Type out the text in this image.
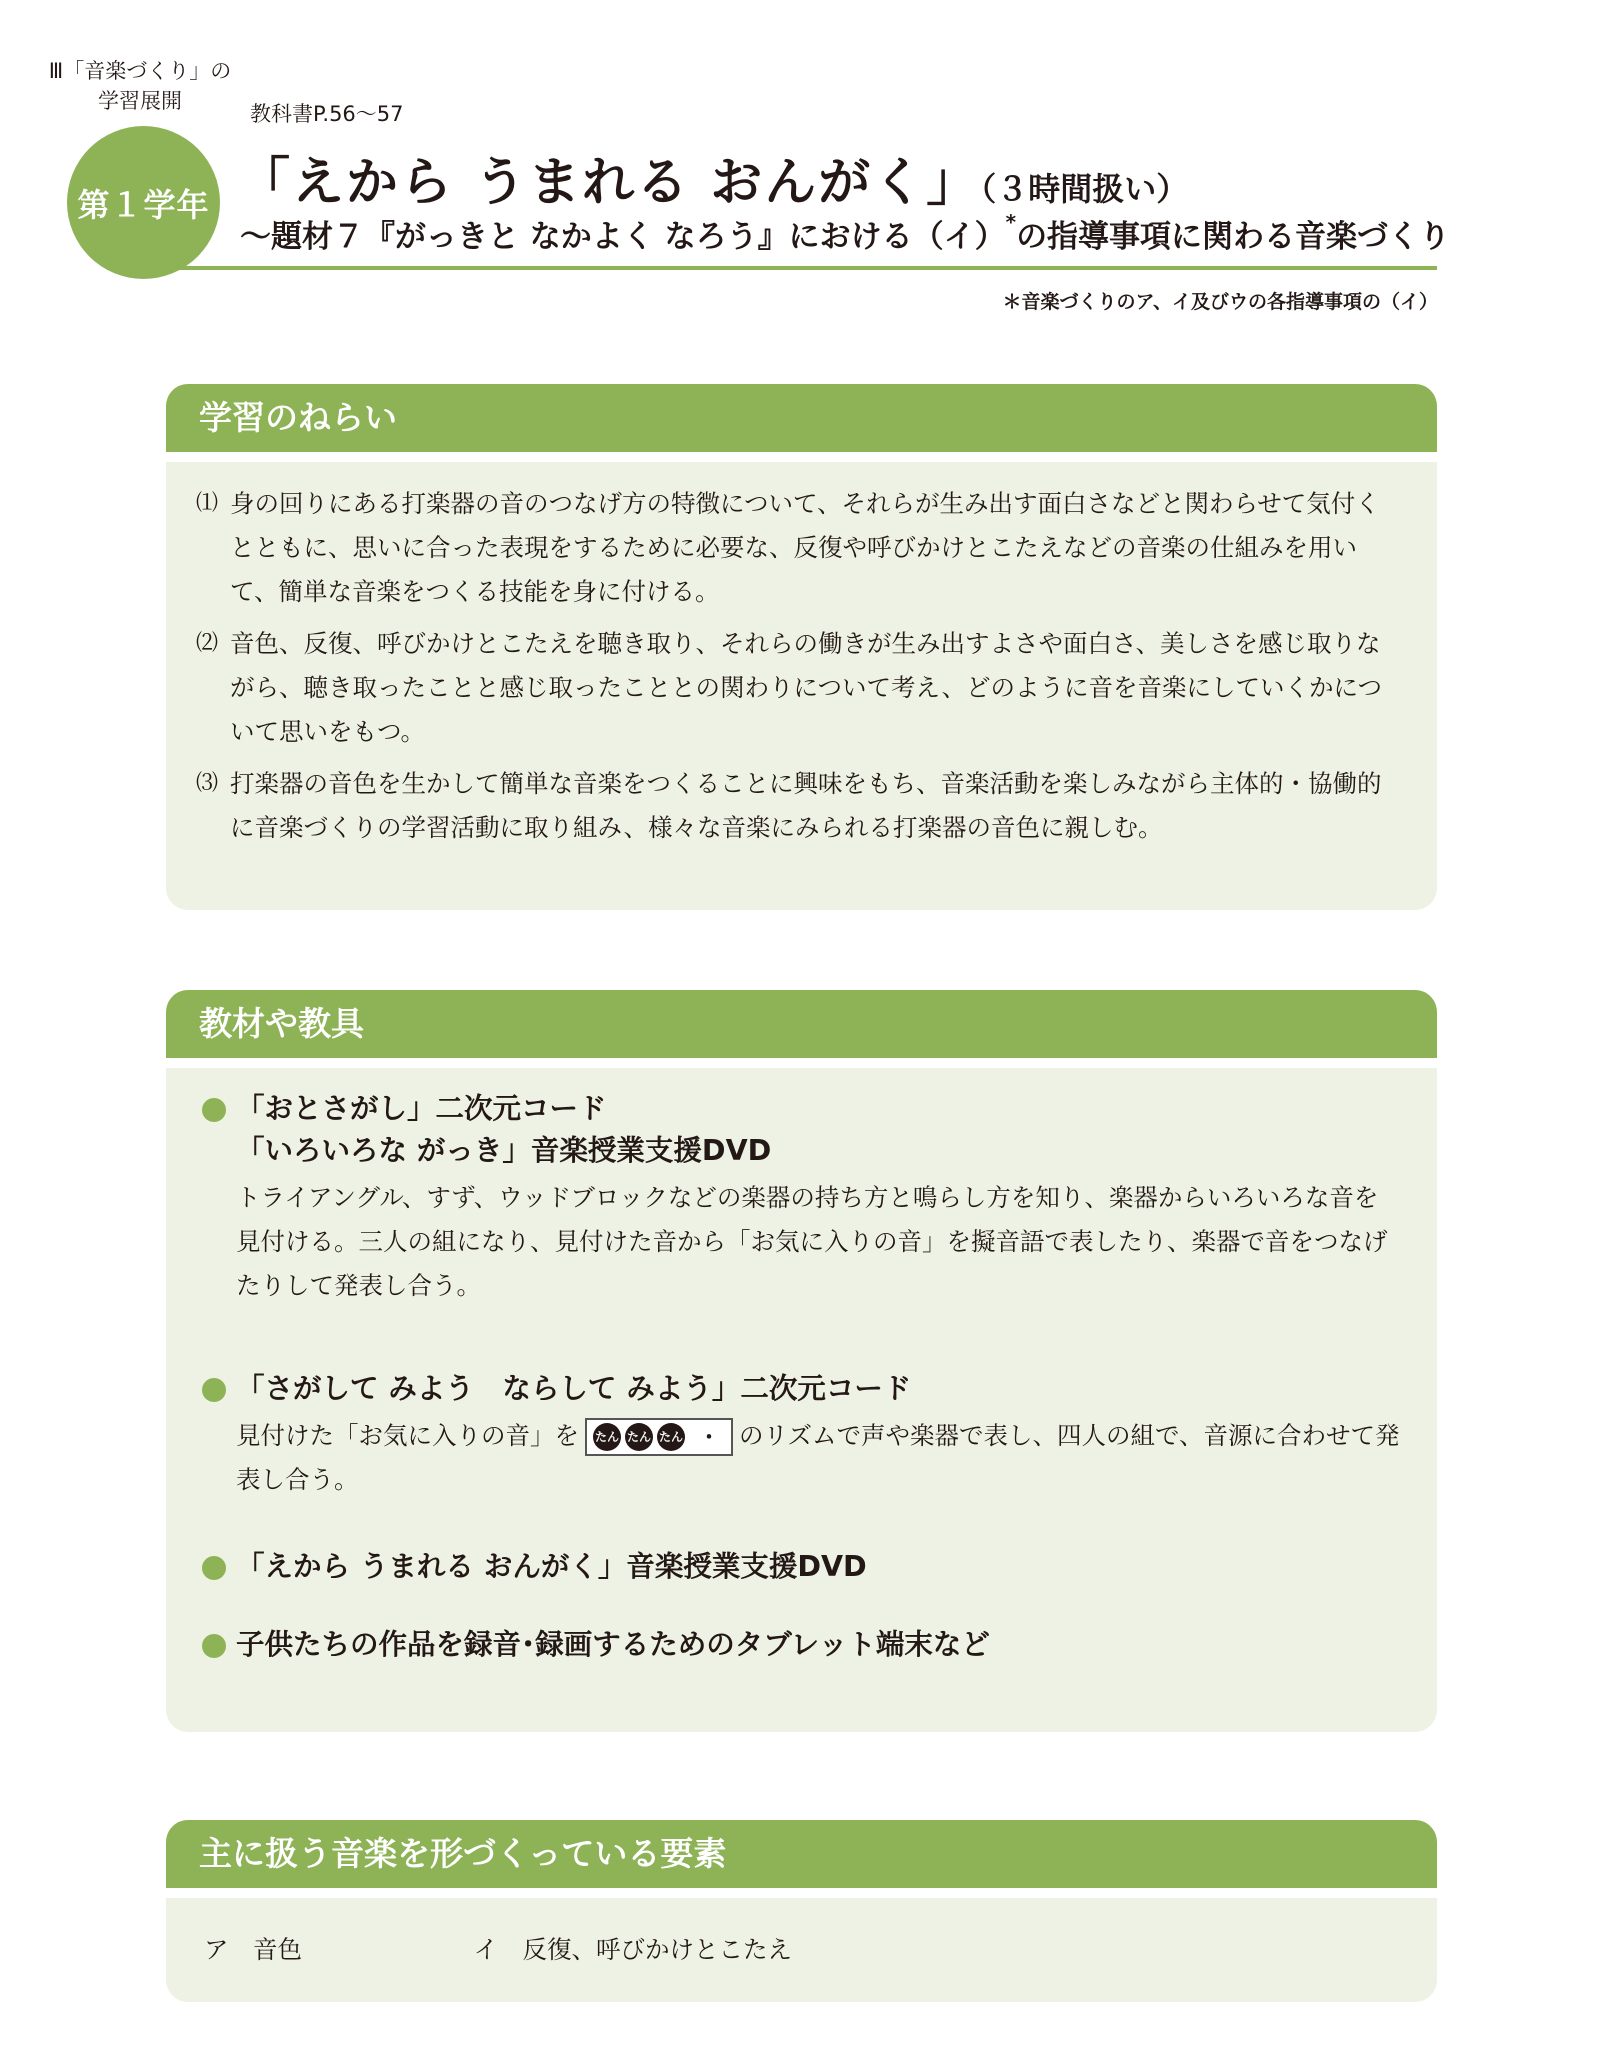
Ⅲ「音楽づくり」の
学習展開
第１学年
教科書P.56〜57
「えから うまれる おんがく」（３時間扱い）
〜題材７『がっきと なかよく なろう』における（イ）*の指導事項に関わる音楽づくり
＊音楽づくりのア、イ及びウの各指導事項の（イ）
学習のねらい
⑴ 身の回りにある打楽器の音のつなげ方の特徴について、それらが生み出す面白さなどと関わらせて気付くとともに、思いに合った表現をするために必要な、反復や呼びかけとこたえなどの音楽の仕組みを用いて、簡単な音楽をつくる技能を身に付ける。
⑵ 音色、反復、呼びかけとこたえを聴き取り、それらの働きが生み出すよさや面白さ、美しさを感じ取りながら、聴き取ったことと感じ取ったこととの関わりについて考え、どのように音を音楽にしていくかについて思いをもつ。
⑶ 打楽器の音色を生かして簡単な音楽をつくることに興味をもち、音楽活動を楽しみながら主体的・協働的に音楽づくりの学習活動に取り組み、様々な音楽にみられる打楽器の音色に親しむ。
教材や教具
「おとさがし」二次元コード
「いろいろな がっき」音楽授業支援DVD
トライアングル、すず、ウッドブロックなどの楽器の持ち方と鳴らし方を知り、楽器からいろいろな音を見付ける。三人の組になり、見付けた音から「お気に入りの音」を擬音語で表したり、楽器で音をつなげたりして発表し合う。
「さがして みよう　ならして みよう」二次元コード
見付けた「お気に入りの音」を たん たん たん ・ のリズムで声や楽器で表し、四人の組で、音源に合わせて発表し合う。
「えから うまれる おんがく」音楽授業支援DVD
子供たちの作品を録音･録画するためのタブレット端末など
主に扱う音楽を形づくっている要素
ア　音色　　　　　　　イ　反復、呼びかけとこたえ
